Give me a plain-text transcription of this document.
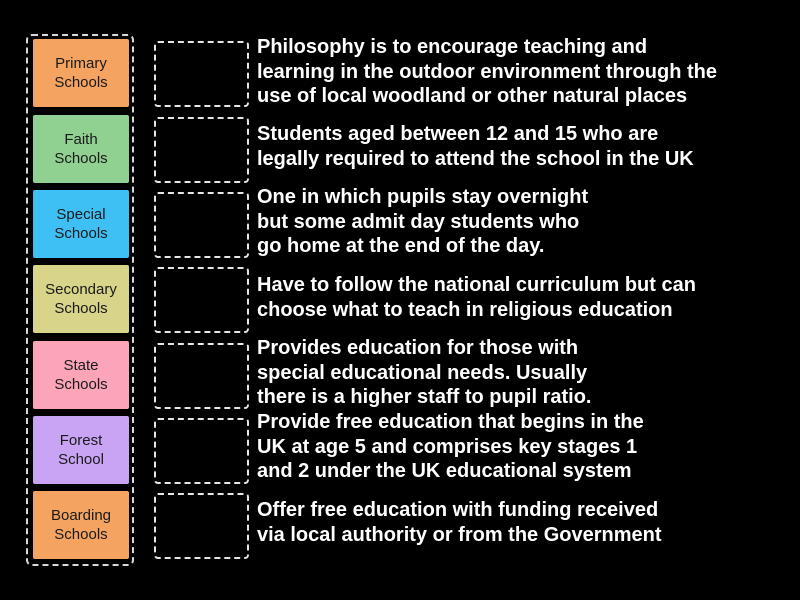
Primary
Schools
Faith
Schools
Special
Schools
Secondary
Schools
State
Schools
Forest
School
Boarding
Schools
Philosophy is to encourage teaching and
learning in the outdoor environment through the
use of local woodland or other natural places
Students aged between 12 and 15 who are
legally required to attend the school in the UK
One in which pupils stay overnight
but some admit day students who
go home at the end of the day.
Have to follow the national curriculum but can
choose what to teach in religious education
Provides education for those with
special educational needs. Usually
there is a higher staff to pupil ratio.
Provide free education that begins in the
UK at age 5 and comprises key stages 1
and 2 under the UK educational system
Offer free education with funding received
via local authority or from the Government
